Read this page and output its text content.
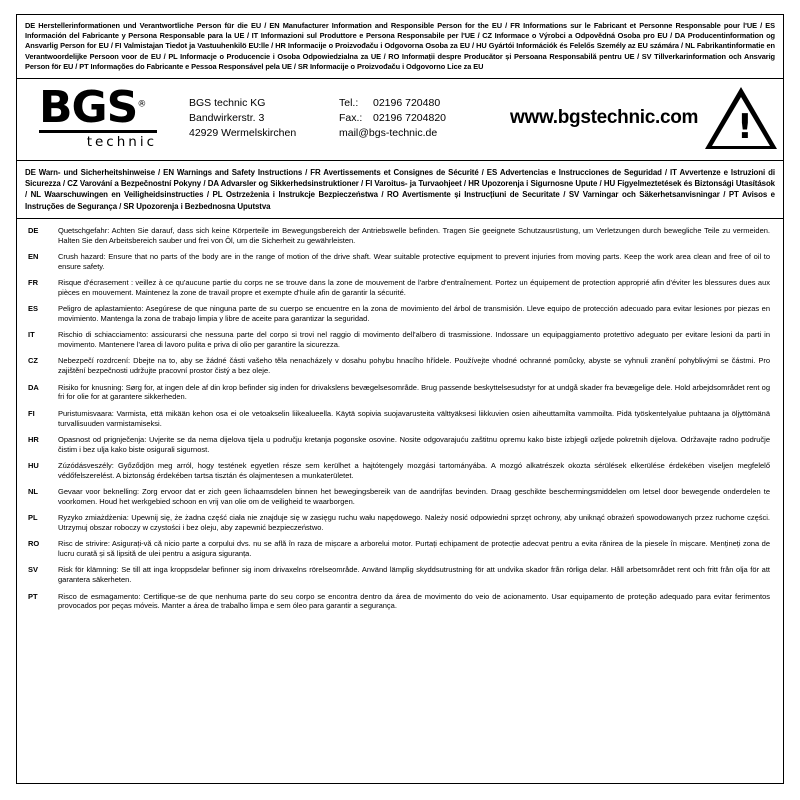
DE Herstellerinformationen und Verantwortliche Person für die EU / EN Manufacturer Information and Responsible Person for the EU / FR Informations sur le Fabricant et Personne Responsable pour l'UE / ES Información del Fabricante y Persona Responsable para la UE / IT Informazioni sul Produttore e Persona Responsabile per l'UE / CZ Informace o Výrobci a Odpovědná Osoba pro EU / DA Producentinformation og Ansvarlig Person for EU / FI Valmistajan Tiedot ja Vastuuhenkilö EU:lle / HR Informacije o Proizvođaču i Odgovorna Osoba za EU / HU Gyártói Információk és Felelős Személy az EU számára / NL Fabrikantinformatie en Verantwoordelijke Persoon voor de EU / PL Informacje o Producencie i Osoba Odpowiedzialna za UE / RO Informații despre Producător și Persoana Responsabilă pentru UE / SV Tillverkarinformation och Ansvarig Person för EU / PT Informações do Fabricante e Pessoa Responsável pela UE / SR Informacije o Proizvođaču i Odgovorno Lice za EU
BGS®
technic
BGS technic KG
Bandwirkerstr. 3
42929 Wermelskirchen
Tel.:	02196 720480
Fax.:	02196 7204820
mail@bgs-technic.de
www.bgstechnic.com !
DE Warn- und Sicherheitshinweise / EN Warnings and Safety Instructions / FR Avertissements et Consignes de Sécurité / ES Advertencias e Instrucciones de Seguridad / IT Avvertenze e Istruzioni di Sicurezza / CZ Varování a Bezpečnostní Pokyny / DA Advarsler og Sikkerhedsinstruktioner / FI Varoitus- ja Turvaohjeet / HR Upozorenja i Sigurnosne Upute / HU Figyelmeztetések és Biztonsági Utasítások / NL Waarschuwingen en Veiligheidsinstructies / PL Ostrzeżenia i Instrukcje Bezpieczeństwa / RO Avertismente și Instrucțiuni de Securitate / SV Varningar och Säkerhetsanvisningar / PT Avisos e Instruções de Segurança / SR Upozorenja i Bezbednosna Uputstva
DE	Quetschgefahr: Achten Sie darauf, dass sich keine Körperteile im Bewegungsbereich der Antriebswelle befinden. Tragen Sie geeignete Schutzausrüstung, um Verletzungen durch bewegliche Teile zu vermeiden. Halten Sie den Arbeitsbereich sauber und frei von Öl, um die Sicherheit zu gewährleisten.
EN	Crush hazard: Ensure that no parts of the body are in the range of motion of the drive shaft. Wear suitable protective equipment to prevent injuries from moving parts. Keep the work area clean and free of oil to ensure safety.
FR	Risque d'écrasement : veillez à ce qu'aucune partie du corps ne se trouve dans la zone de mouvement de l'arbre d'entraînement. Portez un équipement de protection approprié afin d'éviter les blessures dues aux pièces en mouvement. Maintenez la zone de travail propre et exempte d'huile afin de garantir la sécurité.
ES	Peligro de aplastamiento: Asegúrese de que ninguna parte de su cuerpo se encuentre en la zona de movimiento del árbol de transmisión. Lleve equipo de protección adecuado para evitar lesiones por piezas en movimiento. Mantenga la zona de trabajo limpia y libre de aceite para garantizar la seguridad.
IT	Rischio di schiacciamento: assicurarsi che nessuna parte del corpo si trovi nel raggio di movimento dell'albero di trasmissione. Indossare un equipaggiamento protettivo adeguato per evitare lesioni da parti in movimento. Mantenere l'area di lavoro pulita e priva di olio per garantire la sicurezza.
CZ	Nebezpečí rozdrcení: Dbejte na to, aby se žádné části vašeho těla nenacházely v dosahu pohybu hnacího hřídele. Používejte vhodné ochranné pomůcky, abyste se vyhnuli zranění pohyblivými se částmi. Pro zajištění bezpečnosti udržujte pracovní prostor čistý a bez oleje.
DA	Risiko for knusning: Sørg for, at ingen dele af din krop befinder sig inden for drivakslens bevægelsesområde. Brug passende beskyttelsesudstyr for at undgå skader fra bevægelige dele. Hold arbejdsområdet rent og fri for olie for at garantere sikkerheden.
FI	Puristumisvaara: Varmista, että mikään kehon osa ei ole vetoakselin liikealueella. Käytä sopivia suojavarusteita välttyäksesi liikkuvien osien aiheuttamilta vammoilta. Pidä työskentelyalue puhtaana ja öljyttömänä turvallisuuden varmistamiseksi.
HR	Opasnost od prignječenja: Uvjerite se da nema dijelova tijela u području kretanja pogonske osovine. Nosite odgovarajuću zaštitnu opremu kako biste izbjegli ozljede pokretnih dijelova. Održavajte radno područje čistim i bez ulja kako biste osigurali sigurnost.
HU	Zúzódásveszély: Győződjön meg arról, hogy testének egyetlen része sem kerülhet a hajtótengely mozgási tartományába. A mozgó alkatrészek okozta sérülések elkerülése érdekében viseljen megfelelő védőfelszerelést. A biztonság érdekében tartsa tisztán és olajmentesen a munkaterületet.
NL	Gevaar voor beknelling: Zorg ervoor dat er zich geen lichaamsdelen binnen het bewegingsbereik van de aandrijfas bevinden. Draag geschikte beschermingsmiddelen om letsel door bewegende onderdelen te voorkomen. Houd het werkgebied schoon en vrij van olie om de veiligheid te waarborgen.
PL	Ryzyko zmiażdżenia: Upewnij się, że żadna część ciała nie znajduje się w zasięgu ruchu wału napędowego. Należy nosić odpowiedni sprzęt ochrony, aby uniknąć obrażeń spowodowanych przez ruchome części. Utrzymuj obszar roboczy w czystości i bez oleju, aby zapewnić bezpieczeństwo.
RO	Risc de strivire: Asigurați-vă că nicio parte a corpului dvs. nu se află în raza de mișcare a arborelui motor. Purtați echipament de protecție adecvat pentru a evita rănirea de la piesele în mișcare. Mențineți zona de lucru curată și să lipsită de ulei pentru a asigura siguranța.
SV	Risk för klämning: Se till att inga kroppsdelar befinner sig inom drivaxelns rörelseområde. Använd lämplig skyddsutrustning för att undvika skador från rörliga delar. Håll arbetsområdet rent och fritt från olja för att garantera säkerheten.
PT	Risco de esmagamento: Certifique-se de que nenhuma parte do seu corpo se encontra dentro da área de movimento do veio de acionamento. Usar equipamento de proteção adequado para evitar ferimentos provocados por peças móveis. Manter a área de trabalho limpa e sem óleo para garantir a segurança.
